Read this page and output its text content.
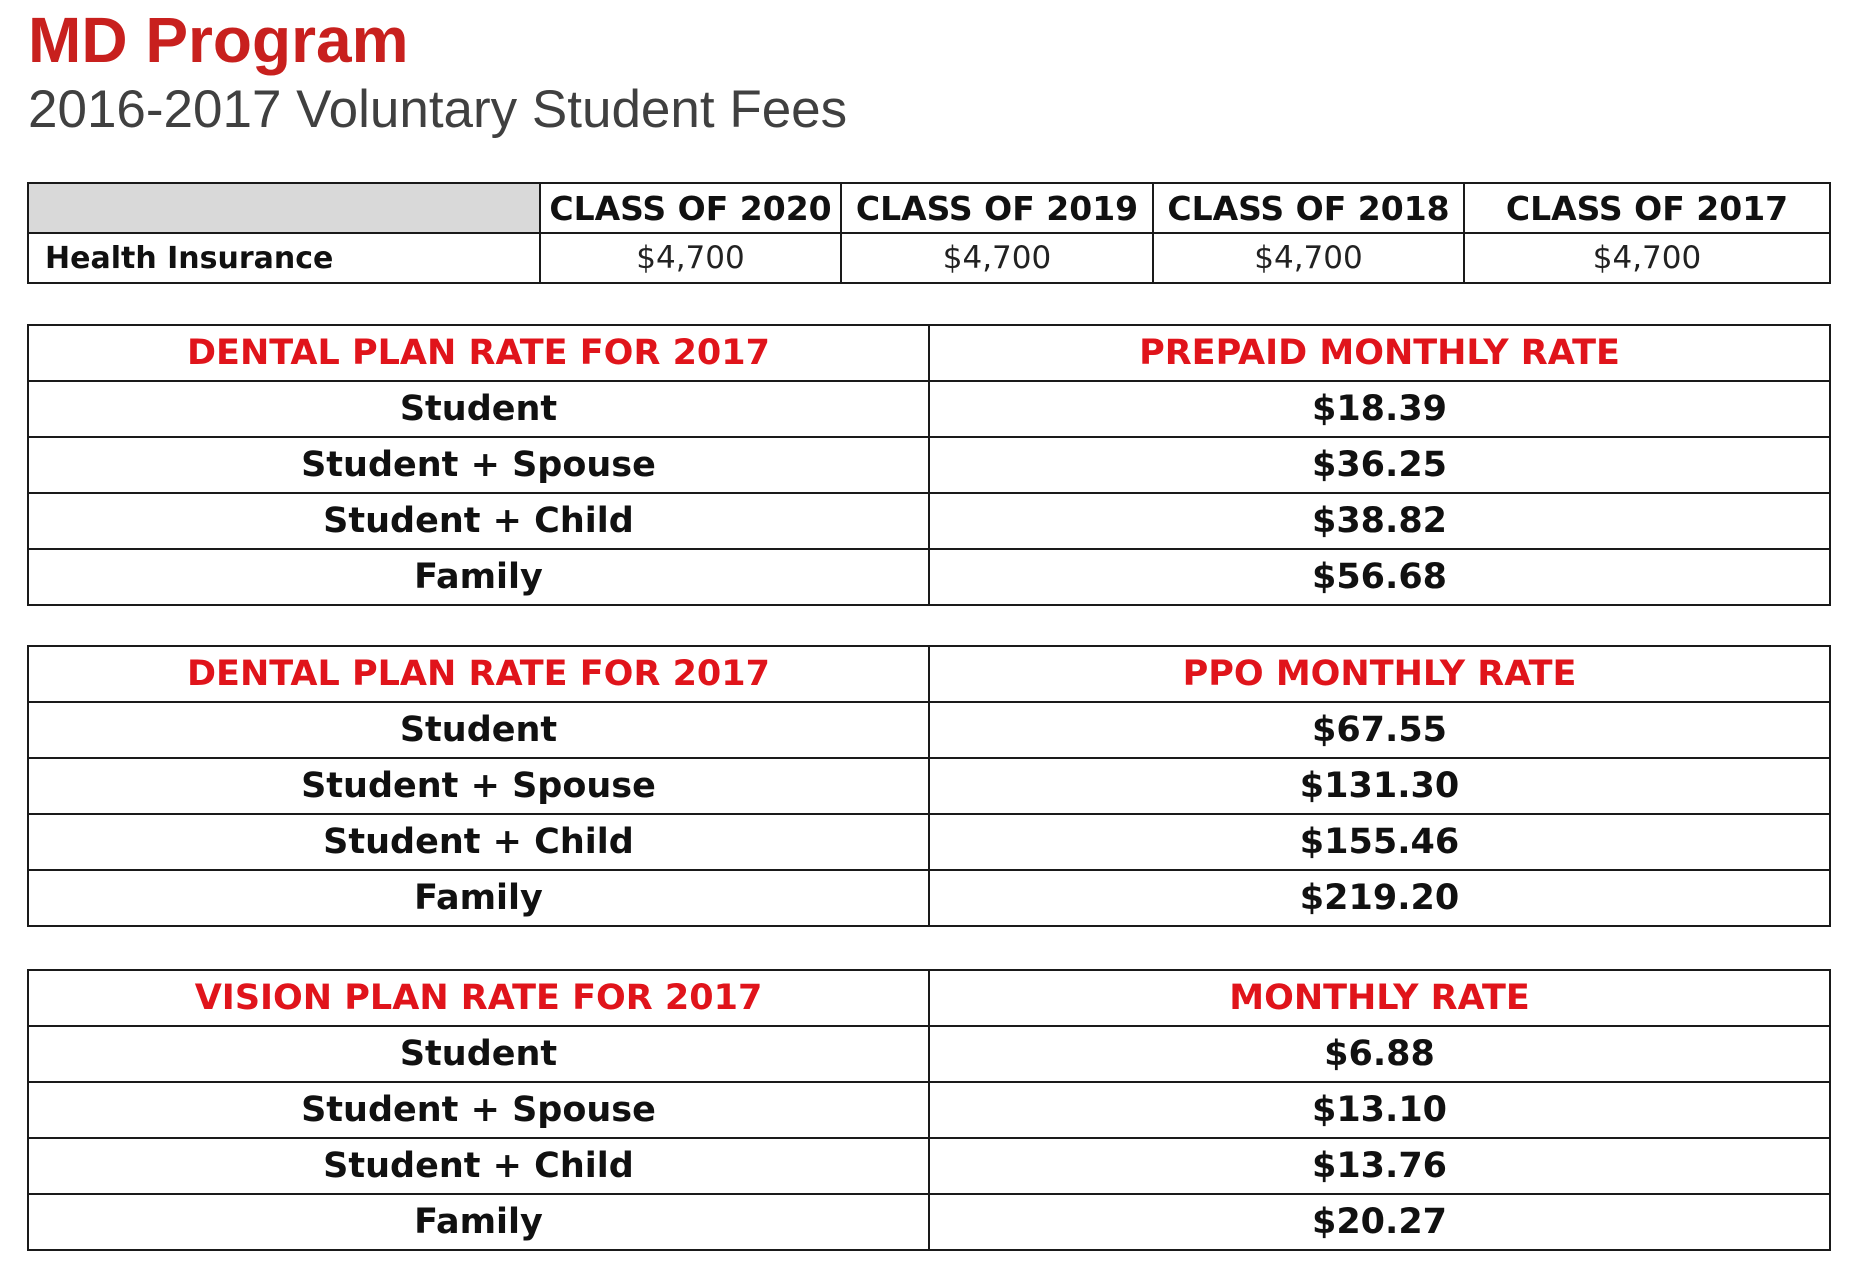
MD Program
2016-2017 Voluntary Student Fees
	CLASS OF 2020	CLASS OF 2019	CLASS OF 2018	CLASS OF 2017
Health Insurance	$4,700	$4,700	$4,700	$4,700
DENTAL PLAN RATE FOR 2017	PREPAID MONTHLY RATE
Student	$18.39
Student + Spouse	$36.25
Student + Child	$38.82
Family	$56.68
DENTAL PLAN RATE FOR 2017	PPO MONTHLY RATE
Student	$67.55
Student + Spouse	$131.30
Student + Child	$155.46
Family	$219.20
VISION PLAN RATE FOR 2017	MONTHLY RATE
Student	$6.88
Student + Spouse	$13.10
Student + Child	$13.76
Family	$20.27
